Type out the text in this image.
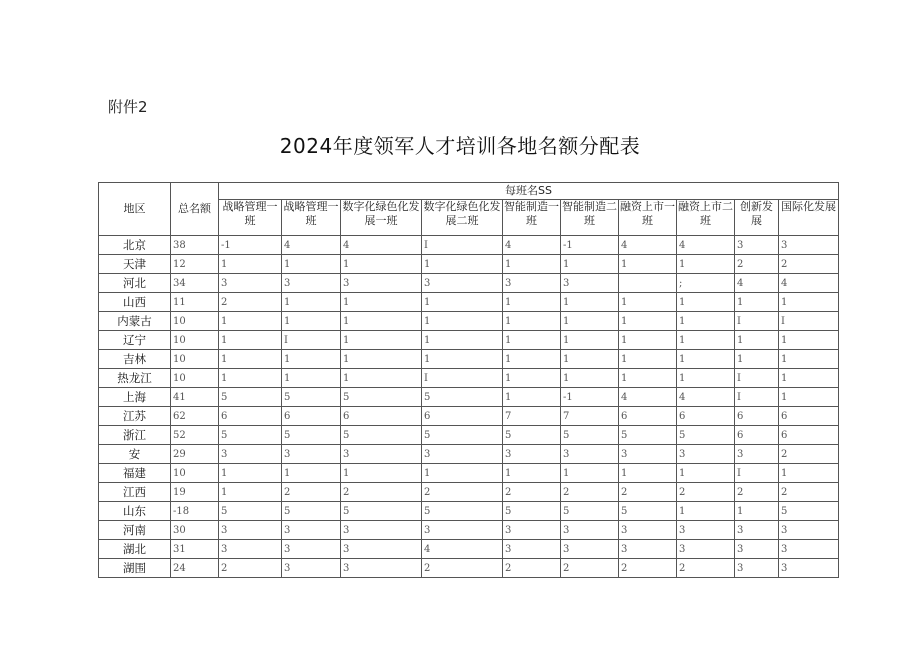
附件2
2024年度领军人才培训各地名额分配表
地区	总名额	每班名SS									
		战略管理一班	战略管理一班	数字化绿色化发展一班	数字化绿色化发展二班	智能制造一班	智能制造二班	融资上市一班	融资上市二班	创新发展	国际化发展
北京	38	-1	4	4	I	4	-1	4	4	3	3
天津	12	1	1	1	1	1	1	1	1	2	2
河北	34	3	3	3	3	3	3		;	4	4
山西	11	2	1	1	1	1	1	1	1	1	1
内蒙古	10	1	1	1	1	1	1	1	1	I	I
辽宁	10	1	I	1	1	1	1	1	1	1	1
吉林	10	1	1	1	1	1	1	1	1	1	1
热龙江	10	1	1	1	I	1	1	1	1	I	1
上海	41	5	5	5	5	1	-1	4	4	I	1
江苏	62	6	6	6	6	7	7	6	6	6	6
浙江	52	5	5	5	5	5	5	5	5	6	6
安	29	3	3	3	3	3	3	3	3	3	2
福建	10	1	1	1	1	1	1	1	1	I	1
江西	19	1	2	2	2	2	2	2	2	2	2
山东	-18	5	5	5	5	5	5	5	1	1	5
河南	30	3	3	3	3	3	3	3	3	3	3
湖北	31	3	3	3	4	3	3	3	3	3	3
湖围	24	2	3	3	2	2	2	2	2	3	3
